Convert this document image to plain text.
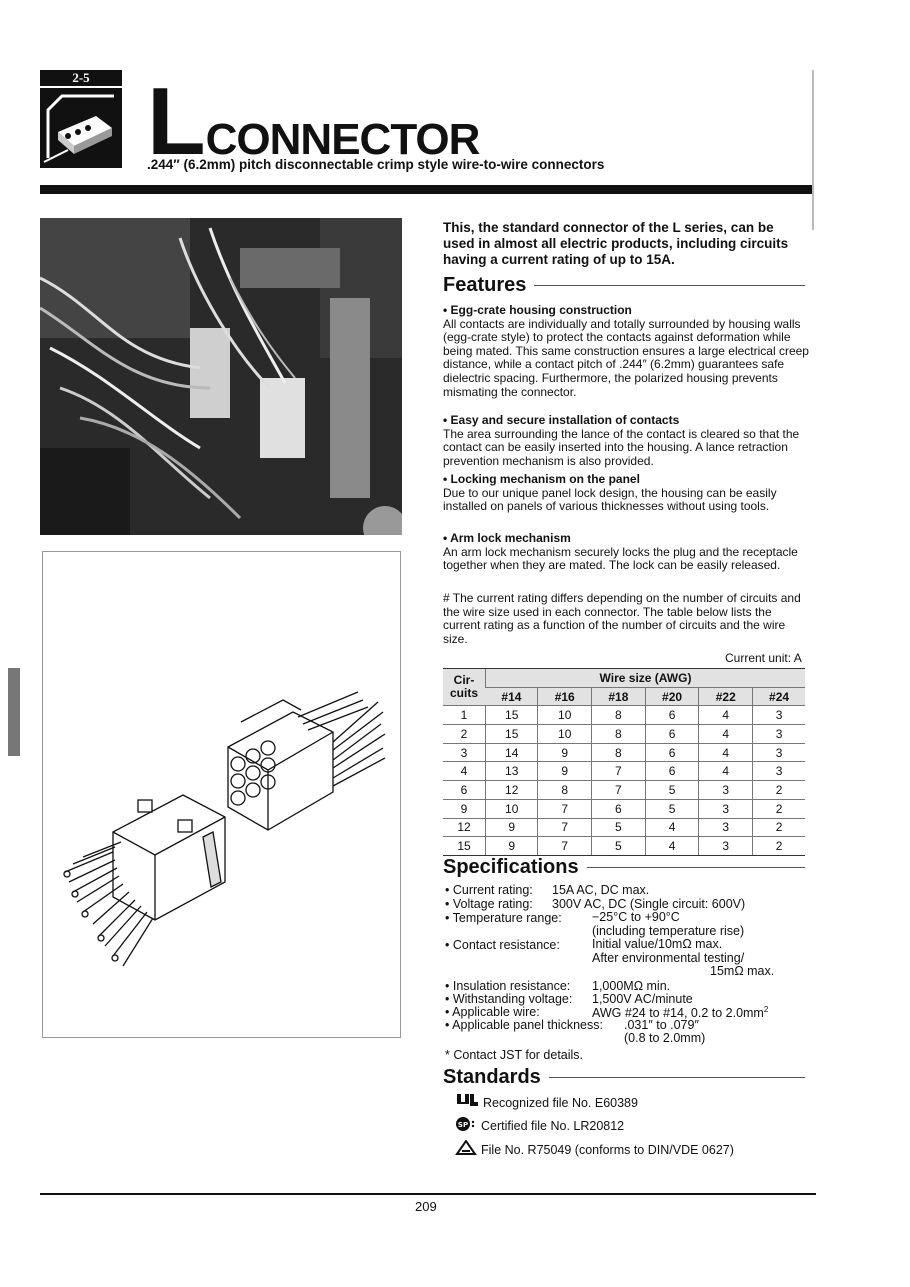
2-5 LCONNECTOR
.244″ (6.2mm) pitch disconnectable crimp style wire-to-wire connectors
This, the standard connector of the L series, can be used in almost all electric products, including circuits having a current rating of up to 15A.
Features
• Egg-crate housing construction
All contacts are individually and totally surrounded by housing walls (egg-crate style) to protect the contacts against deformation while being mated. This same construction ensures a large electrical creep distance, while a contact pitch of .244″ (6.2mm) guarantees safe dielectric spacing. Furthermore, the polarized housing prevents mismating the connector.
• Easy and secure installation of contacts
The area surrounding the lance of the contact is cleared so that the contact can be easily inserted into the housing. A lance retraction prevention mechanism is also provided.
• Locking mechanism on the panel
Due to our unique panel lock design, the housing can be easily installed on panels of various thicknesses without using tools.
• Arm lock mechanism
An arm lock mechanism securely locks the plug and the receptacle together when they are mated. The lock can be easily released.
# The current rating differs depending on the number of circuits and the wire size used in each connector. The table below lists the current rating as a function of the number of circuits and the wire size.
Current unit: A
Cir-cuits	Wire size (AWG)					
	#14	#16	#18	#20	#22	#24
1	15	10	8	6	4	3
2	15	10	8	6	4	3
3	14	9	8	6	4	3
4	13	9	7	6	4	3
6	12	8	7	5	3	2
9	10	7	6	5	3	2
12	9	7	5	4	3	2
15	9	7	5	4	3	2
Specifications
• Current rating: 15A AC, DC max.
• Voltage rating: 300V AC, DC (Single circuit: 600V)
• Temperature range: −25°C to +90°C
(including temperature rise)
• Contact resistance:	Initial value/10mΩ max.
After environmental testing/
15mΩ max.
• Insulation resistance: 1,000MΩ min.
• Withstanding voltage: 1,500V AC/minute
• Applicable wire:	AWG #24 to #14, 0.2 to $2.0mm^2$
• Applicable panel thickness: .031″ to .079″
(0.8 to 2.0mm)
* Contact JST for details.
Standards
Recognized file No. E60389
SP Certified file No. LR20812
File No. R75049 (conforms to DIN/VDE 0627)
209
